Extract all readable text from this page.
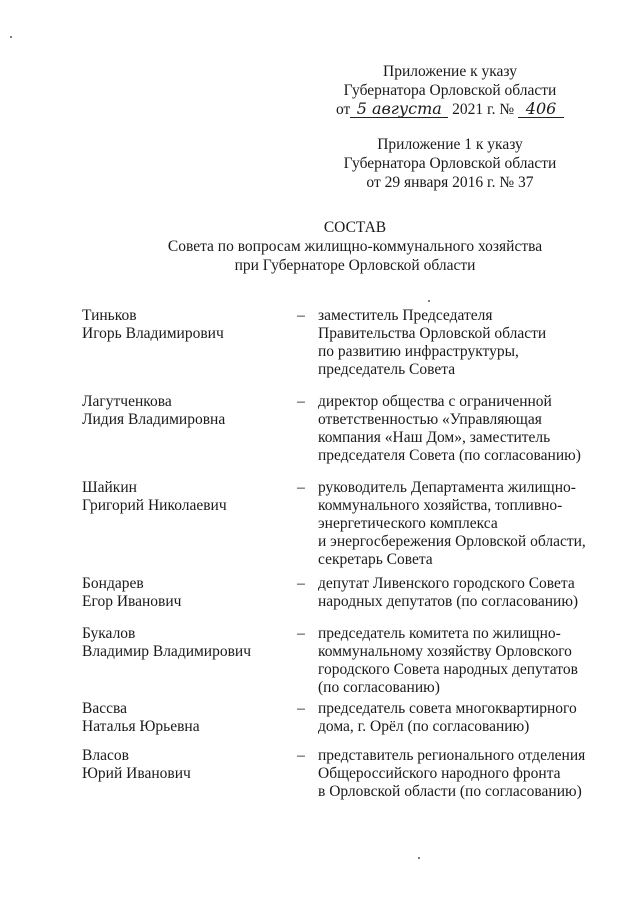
Приложение к указу
Губернатора Орловской области
от 5 августа 2021 г. № 406
Приложение 1 к указу
Губернатора Орловской области
от 29 января 2016 г. № 37
СОСТАВ
Совета по вопросам жилищно-коммунального хозяйства
при Губернаторе Орловской области
Тиньков
Игорь Владимирович
– заместитель Председателя
Правительства Орловской области
по развитию инфраструктуры,
председатель Совета
Лагутченкова
Лидия Владимировна
– директор общества с ограниченной
ответственностью «Управляющая
компания «Наш Дом», заместитель
председателя Совета (по согласованию)
Шайкин
Григорий Николаевич
– руководитель Департамента жилищно-
коммунального хозяйства, топливно-
энергетического комплекса
и энергосбережения Орловской области,
секретарь Совета
Бондарев
Егор Иванович
– депутат Ливенского городского Совета
народных депутатов (по согласованию)
Букалов
Владимир Владимирович
– председатель комитета по жилищно-
коммунальному хозяйству Орловского
городского Совета народных депутатов
(по согласованию)
Вассва
Наталья Юрьевна
– председатель совета многоквартирного
дома, г. Орёл (по согласованию)
Власов
Юрий Иванович
– представитель регионального отделения
Общероссийского народного фронта
в Орловской области (по согласованию)
